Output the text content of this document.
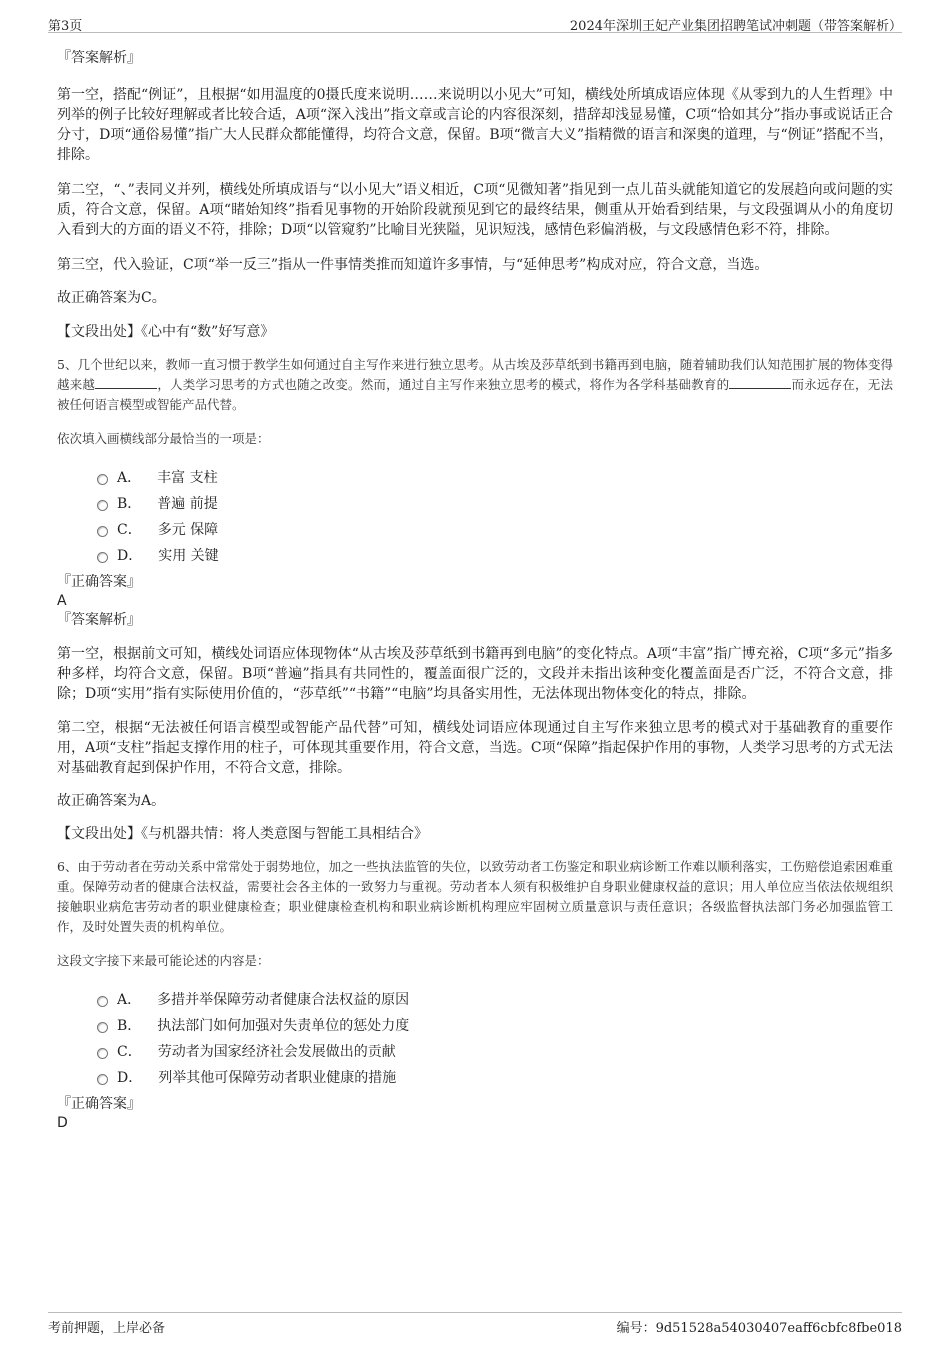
第3页	2024年深圳王妃产业集团招聘笔试冲刺题（带答案解析）

『答案解析』

第一空，搭配“例证”，且根据“如用温度的0摄氏度来说明……来说明以小见大”可知，横线处所填成语应体现《从零到九的人生哲理》中列举的例子比较好理解或者比较合适，A项“深入浅出”指文章或言论的内容很深刻，措辞却浅显易懂，C项“恰如其分”指办事或说话正合分寸，D项“通俗易懂”指广大人民群众都能懂得，均符合文意，保留。B项“微言大义”指精微的语言和深奥的道理，与“例证”搭配不当，排除。

第二空，“、”表同义并列，横线处所填成语与“以小见大”语义相近，C项“见微知著”指见到一点儿苗头就能知道它的发展趋向或问题的实质，符合文意，保留。A项“睹始知终”指看见事物的开始阶段就预见到它的最终结果，侧重从开始看到结果，与文段强调从小的角度切入看到大的方面的语义不符，排除；D项“以管窥豹”比喻目光狭隘，见识短浅，感情色彩偏消极，与文段感情色彩不符，排除。

第三空，代入验证，C项“举一反三”指从一件事情类推而知道许多事情，与“延伸思考”构成对应，符合文意，当选。

故正确答案为C。

【文段出处】《心中有“数”好写意》

5、几个世纪以来，教师一直习惯于教学生如何通过自主写作来进行独立思考。从古埃及莎草纸到书籍再到电脑，随着辅助我们认知范围扩展的物体变得越来越	，人类学习思考的方式也随之改变。然而，通过自主写作来独立思考的模式，将作为各学科基础教育的	而永远存在，无法被任何语言模型或智能产品代替。

依次填入画横线部分最恰当的一项是：

A． 丰富 支柱
B． 普遍 前提
C． 多元 保障
D． 实用 关键

『正确答案』

A

『答案解析』

第一空，根据前文可知，横线处词语应体现物体“从古埃及莎草纸到书籍再到电脑”的变化特点。A项“丰富”指广博充裕，C项“多元”指多种多样，均符合文意，保留。B项“普遍”指具有共同性的，覆盖面很广泛的，文段并未指出该种变化覆盖面是否广泛，不符合文意，排除；D项“实用”指有实际使用价值的，“莎草纸”“书籍”“电脑”均具备实用性，无法体现出物体变化的特点，排除。

第二空，根据“无法被任何语言模型或智能产品代替”可知，横线处词语应体现通过自主写作来独立思考的模式对于基础教育的重要作用，A项“支柱”指起支撑作用的柱子，可体现其重要作用，符合文意，当选。C项“保障”指起保护作用的事物，人类学习思考的方式无法对基础教育起到保护作用，不符合文意，排除。

故正确答案为A。

【文段出处】《与机器共情：将人类意图与智能工具相结合》

6、由于劳动者在劳动关系中常常处于弱势地位，加之一些执法监管的失位，以致劳动者工伤鉴定和职业病诊断工作难以顺利落实，工伤赔偿追索困难重重。保障劳动者的健康合法权益，需要社会各主体的一致努力与重视。劳动者本人须有积极维护自身职业健康权益的意识；用人单位应当依法依规组织接触职业病危害劳动者的职业健康检查；职业健康检查机构和职业病诊断机构理应牢固树立质量意识与责任意识；各级监督执法部门务必加强监管工作，及时处置失责的机构单位。

这段文字接下来最可能论述的内容是：

A． 多措并举保障劳动者健康合法权益的原因
B． 执法部门如何加强对失责单位的惩处力度
C． 劳动者为国家经济社会发展做出的贡献
D． 列举其他可保障劳动者职业健康的措施

『正确答案』

D

考前押题，上岸必备	编号：9d51528a54030407eaff6cbfc8fbe018
